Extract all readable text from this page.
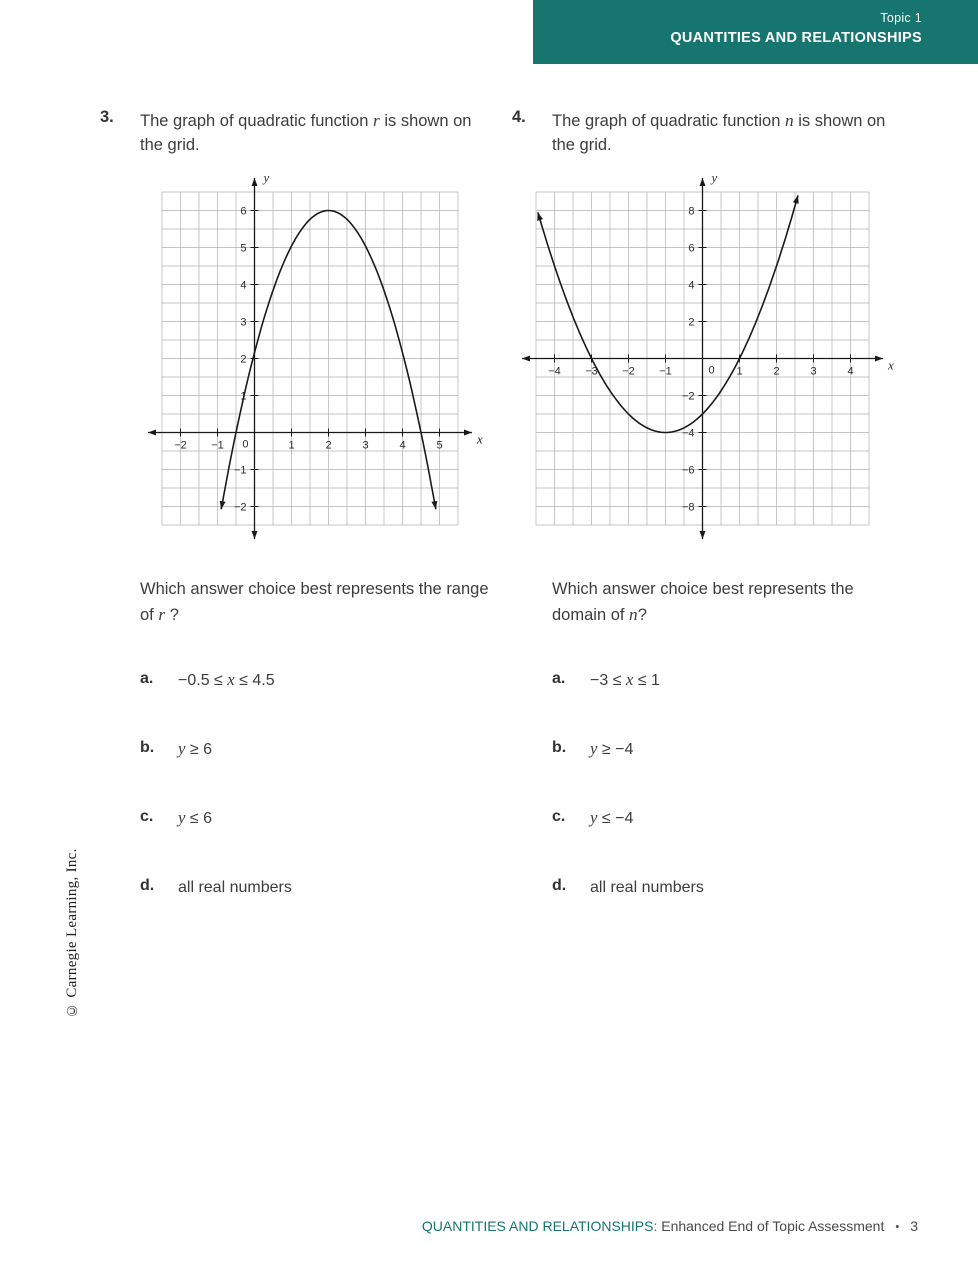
Topic 1
QUANTITIES AND RELATIONSHIPS
3.	The graph of quadratic function r is shown on the grid.

−2 −1	1	2	3	4	5
−2
−1
1
2
3
4
5
6
0	x
y

Which answer choice best represents the range of r ?

a.	−0.5 ≤ x ≤ 4.5
b.	y ≥ 6
c.	y ≤ 6
d.	all real numbers
4.	The graph of quadratic function n is shown on the grid.

−4 −3 −2 −1	1	2	3	4
−8
−6
−4
−2
2
4
6
8
0	x
y

Which answer choice best represents the domain of n?

a.	−3 ≤ x ≤ 1
b.	y ≥ −4
c.	y ≤ −4
d.	all real numbers
© Carnegie Learning, Inc.
QUANTITIES AND RELATIONSHIPS: Enhanced End of Topic Assessment • 3
